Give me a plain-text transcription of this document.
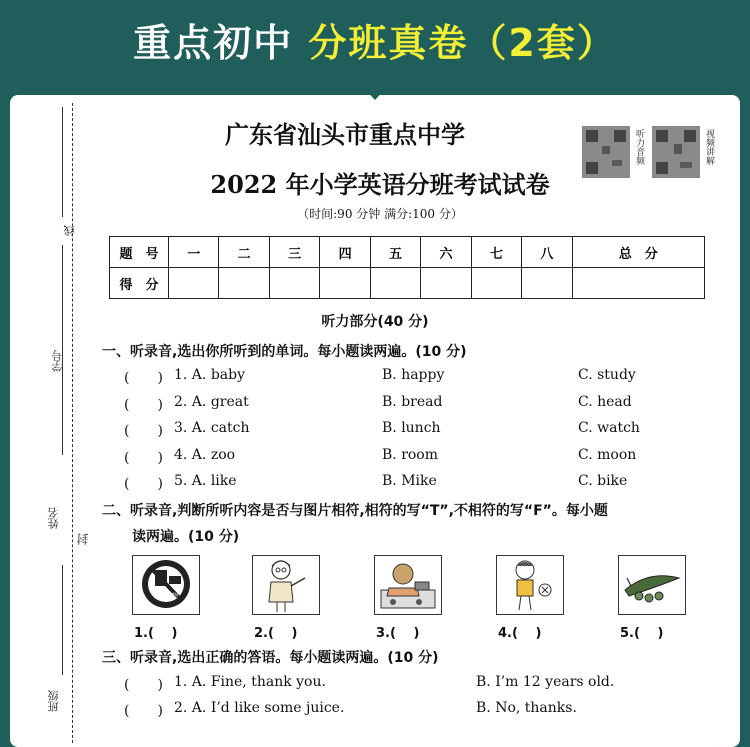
重点初中 分班真卷（2套）
线
学号
姓名
封
班级
广东省汕头市重点中学
2022 年小学英语分班考试试卷
（时间:90 分钟 满分:100 分）
听力音频	视频讲解
题　号	一	二	三	四	五	六	七	八	总　分
得　分									
听力部分(40 分)
一、听录音,选出你所听到的单词。每小题读两遍。(10 分)
(　　) 1. A. baby	B. happy	C. study
(　　) 2. A. great	B. bread	C. head
(　　) 3. A. catch	B. lunch	C. watch
(　　) 4. A. zoo	B. room	C. moon
(　　) 5. A. like	B. Mike	C. bike
二、听录音,判断所听内容是否与图片相符,相符的写“T”,不相符的写“F”。每小题
读两遍。(10 分)
禁止食物
1.(　 )	2.(　 )	3.(　 )	4.(　 )	5.(　 )
三、听录音,选出正确的答语。每小题读两遍。(10 分)
(　　) 1. A. Fine, thank you.	B. I’m 12 years old.
(　　) 2. A. I’d like some juice.	B. No, thanks.
